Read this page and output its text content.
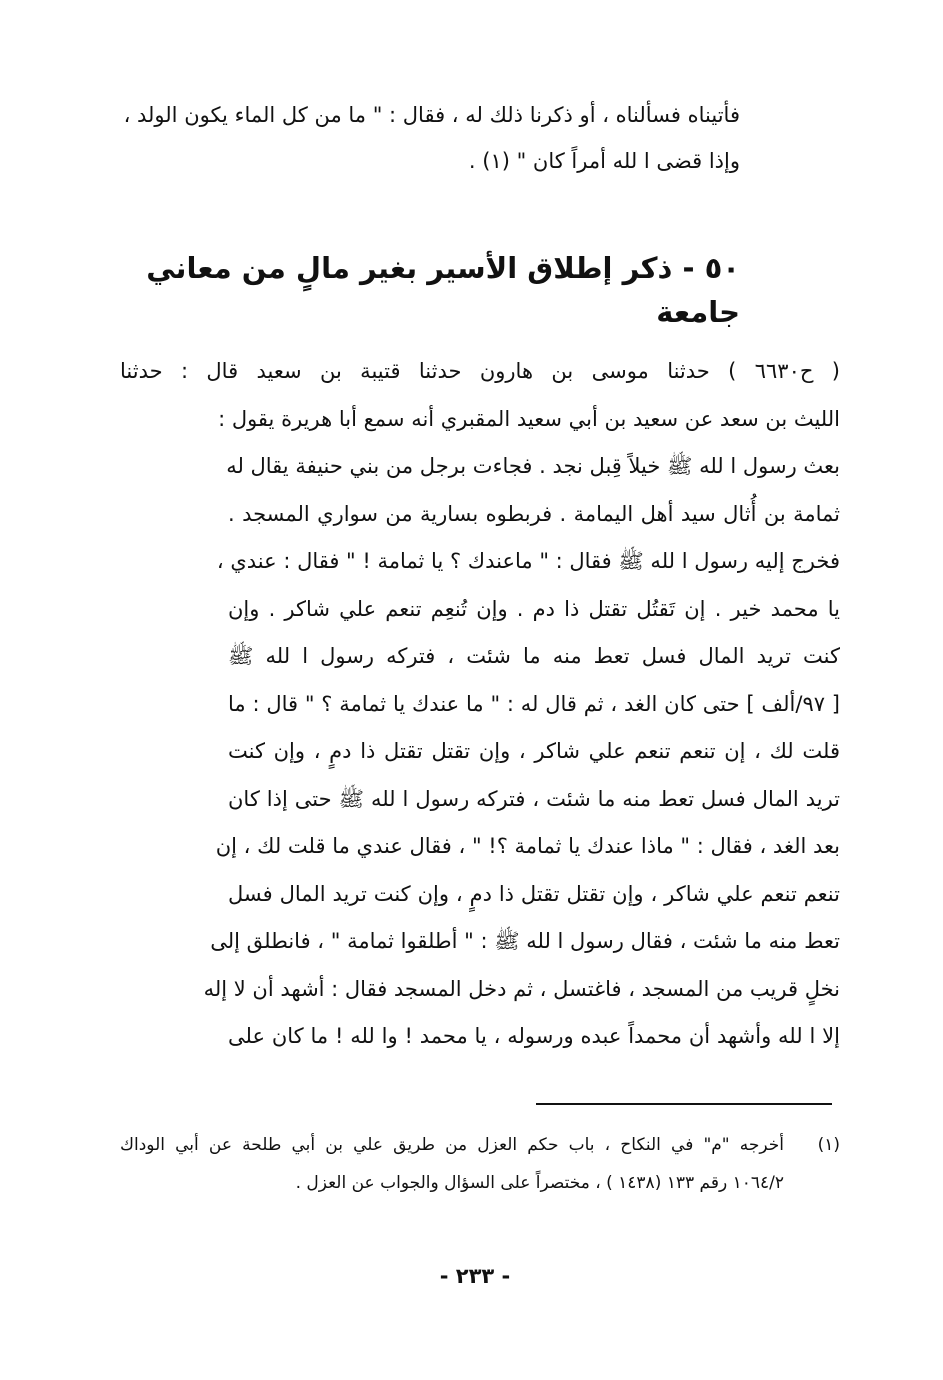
فأتيناه فسألناه ، أو ذكرنا ذلك له ، فقال : " ما من كل الماء يكون الولد ،
وإذا قضى ا لله أمراً كان " (١) .
٥٠ - ذكر إطلاق الأسير بغير مالٍ من معاني جامعة
( ح٦٦٣٠ ) حدثنا موسى بن هارون حدثنا قتيبة بن سعيد قال : حدثنا
الليث بن سعد عن سعيد بن أبي سعيد المقبري أنه سمع أبا هريرة يقول :
بعث رسول ا لله ﷺ خيلاً قِبل نجد . فجاءت برجل من بني حنيفة يقال له
ثمامة بن أُثال سيد أهل اليمامة . فربطوه بسارية من سواري المسجد .
فخرج إليه رسول ا لله ﷺ فقال : " ماعندك ؟ يا ثمامة ! " فقال : عندي ،
يا محمد خير . إن تَقتُل تقتل ذا دم . وإن تُنعِم تنعم علي شاكر . وإن
كنت تريد المال فسل تعط منه ما شئت ، فتركه رسول ا لله ﷺ
[ ٩٧/ألف ] حتى كان الغد ، ثم قال له : " ما عندك يا ثمامة ؟ " قال : ما
قلت لك ، إن تنعم تنعم علي شاكر ، وإن تقتل تقتل ذا دمٍ ، وإن كنت
تريد المال فسل تعط منه ما شئت ، فتركه رسول ا لله ﷺ حتى إذا كان
بعد الغد ، فقال : " ماذا عندك يا ثمامة ؟! " ، فقال عندي ما قلت لك ، إن
تنعم تنعم علي شاكر ، وإن تقتل تقتل ذا دمٍ ، وإن كنت تريد المال فسل
تعط منه ما شئت ، فقال رسول ا لله ﷺ : " أطلقوا ثمامة " ، فانطلق إلى
نخلٍ قريب من المسجد ، فاغتسل ، ثم دخل المسجد فقال : أشهد أن لا إله
إلا ا لله وأشهد أن محمداً عبده ورسوله ، يا محمد ! وا لله ! ما كان على
(١)
أخرجه "م" في النكاح ، باب حكم العزل من طريق علي بن أبي طلحة عن أبي الوداك
١٠٦٤/٢ رقم ١٣٣ (١٤٣٨ ) ، مختصراً على السؤال والجواب عن العزل .
- ٢٣٣ -
